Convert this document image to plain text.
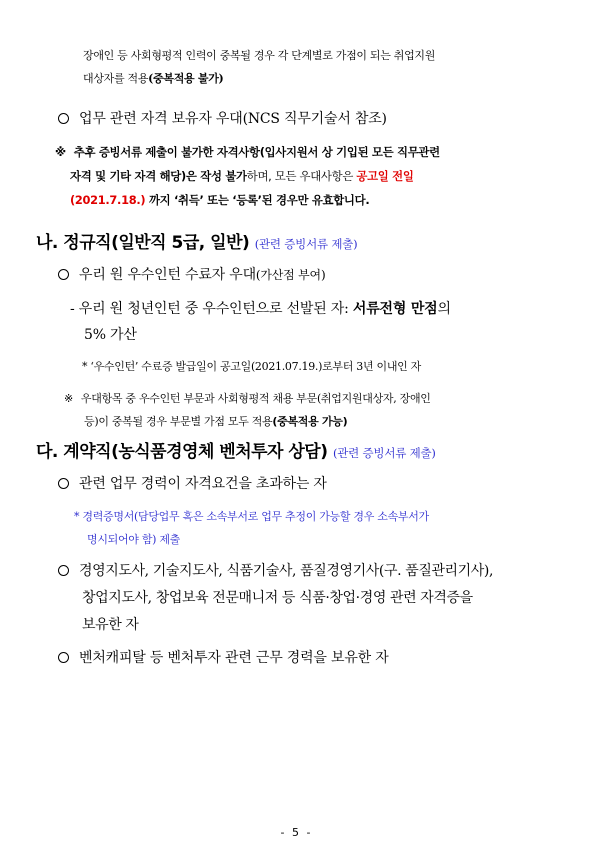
장애인 등 사회형평적 인력이 중복될 경우 각 단계별로 가점이 되는 취업지원
대상자를 적용(중복적용 불가)
업무 관련 자격 보유자 우대(NCS 직무기술서 참조)
※ 추후 증빙서류 제출이 불가한 자격사항(입사지원서 상 기입된 모든 직무관련
자격 및 기타 자격 해당)은 작성 불가하며, 모든 우대사항은 공고일 전일
(2021.7.18.) 까지 ‘취득’ 또는 ‘등록’된 경우만 유효합니다.
나. 정규직(일반직 5급, 일반) (관련 증빙서류 제출)
우리 원 우수인턴 수료자 우대(가산점 부여)
- 우리 원 청년인턴 중 우수인턴으로 선발된 자: 서류전형 만점의
5% 가산
* ‘우수인턴’ 수료증 발급일이 공고일(2021.07.19.)로부터 3년 이내인 자
※ 우대항목 중 우수인턴 부문과 사회형평적 채용 부문(취업지원대상자, 장애인
등)이 중복될 경우 부문별 가점 모두 적용(중복적용 가능)
다. 계약직(농식품경영체 벤처투자 상담) (관련 증빙서류 제출)
관련 업무 경력이 자격요건을 초과하는 자
* 경력증명서(담당업무 혹은 소속부서로 업무 추정이 가능할 경우 소속부서가
명시되어야 함) 제출
경영지도사, 기술지도사, 식품기술사, 품질경영기사(구. 품질관리기사),
창업지도사, 창업보육 전문매니저 등 식품·창업·경영 관련 자격증을
보유한 자
벤처캐피탈 등 벤처투자 관련 근무 경력을 보유한 자
- 5 -
